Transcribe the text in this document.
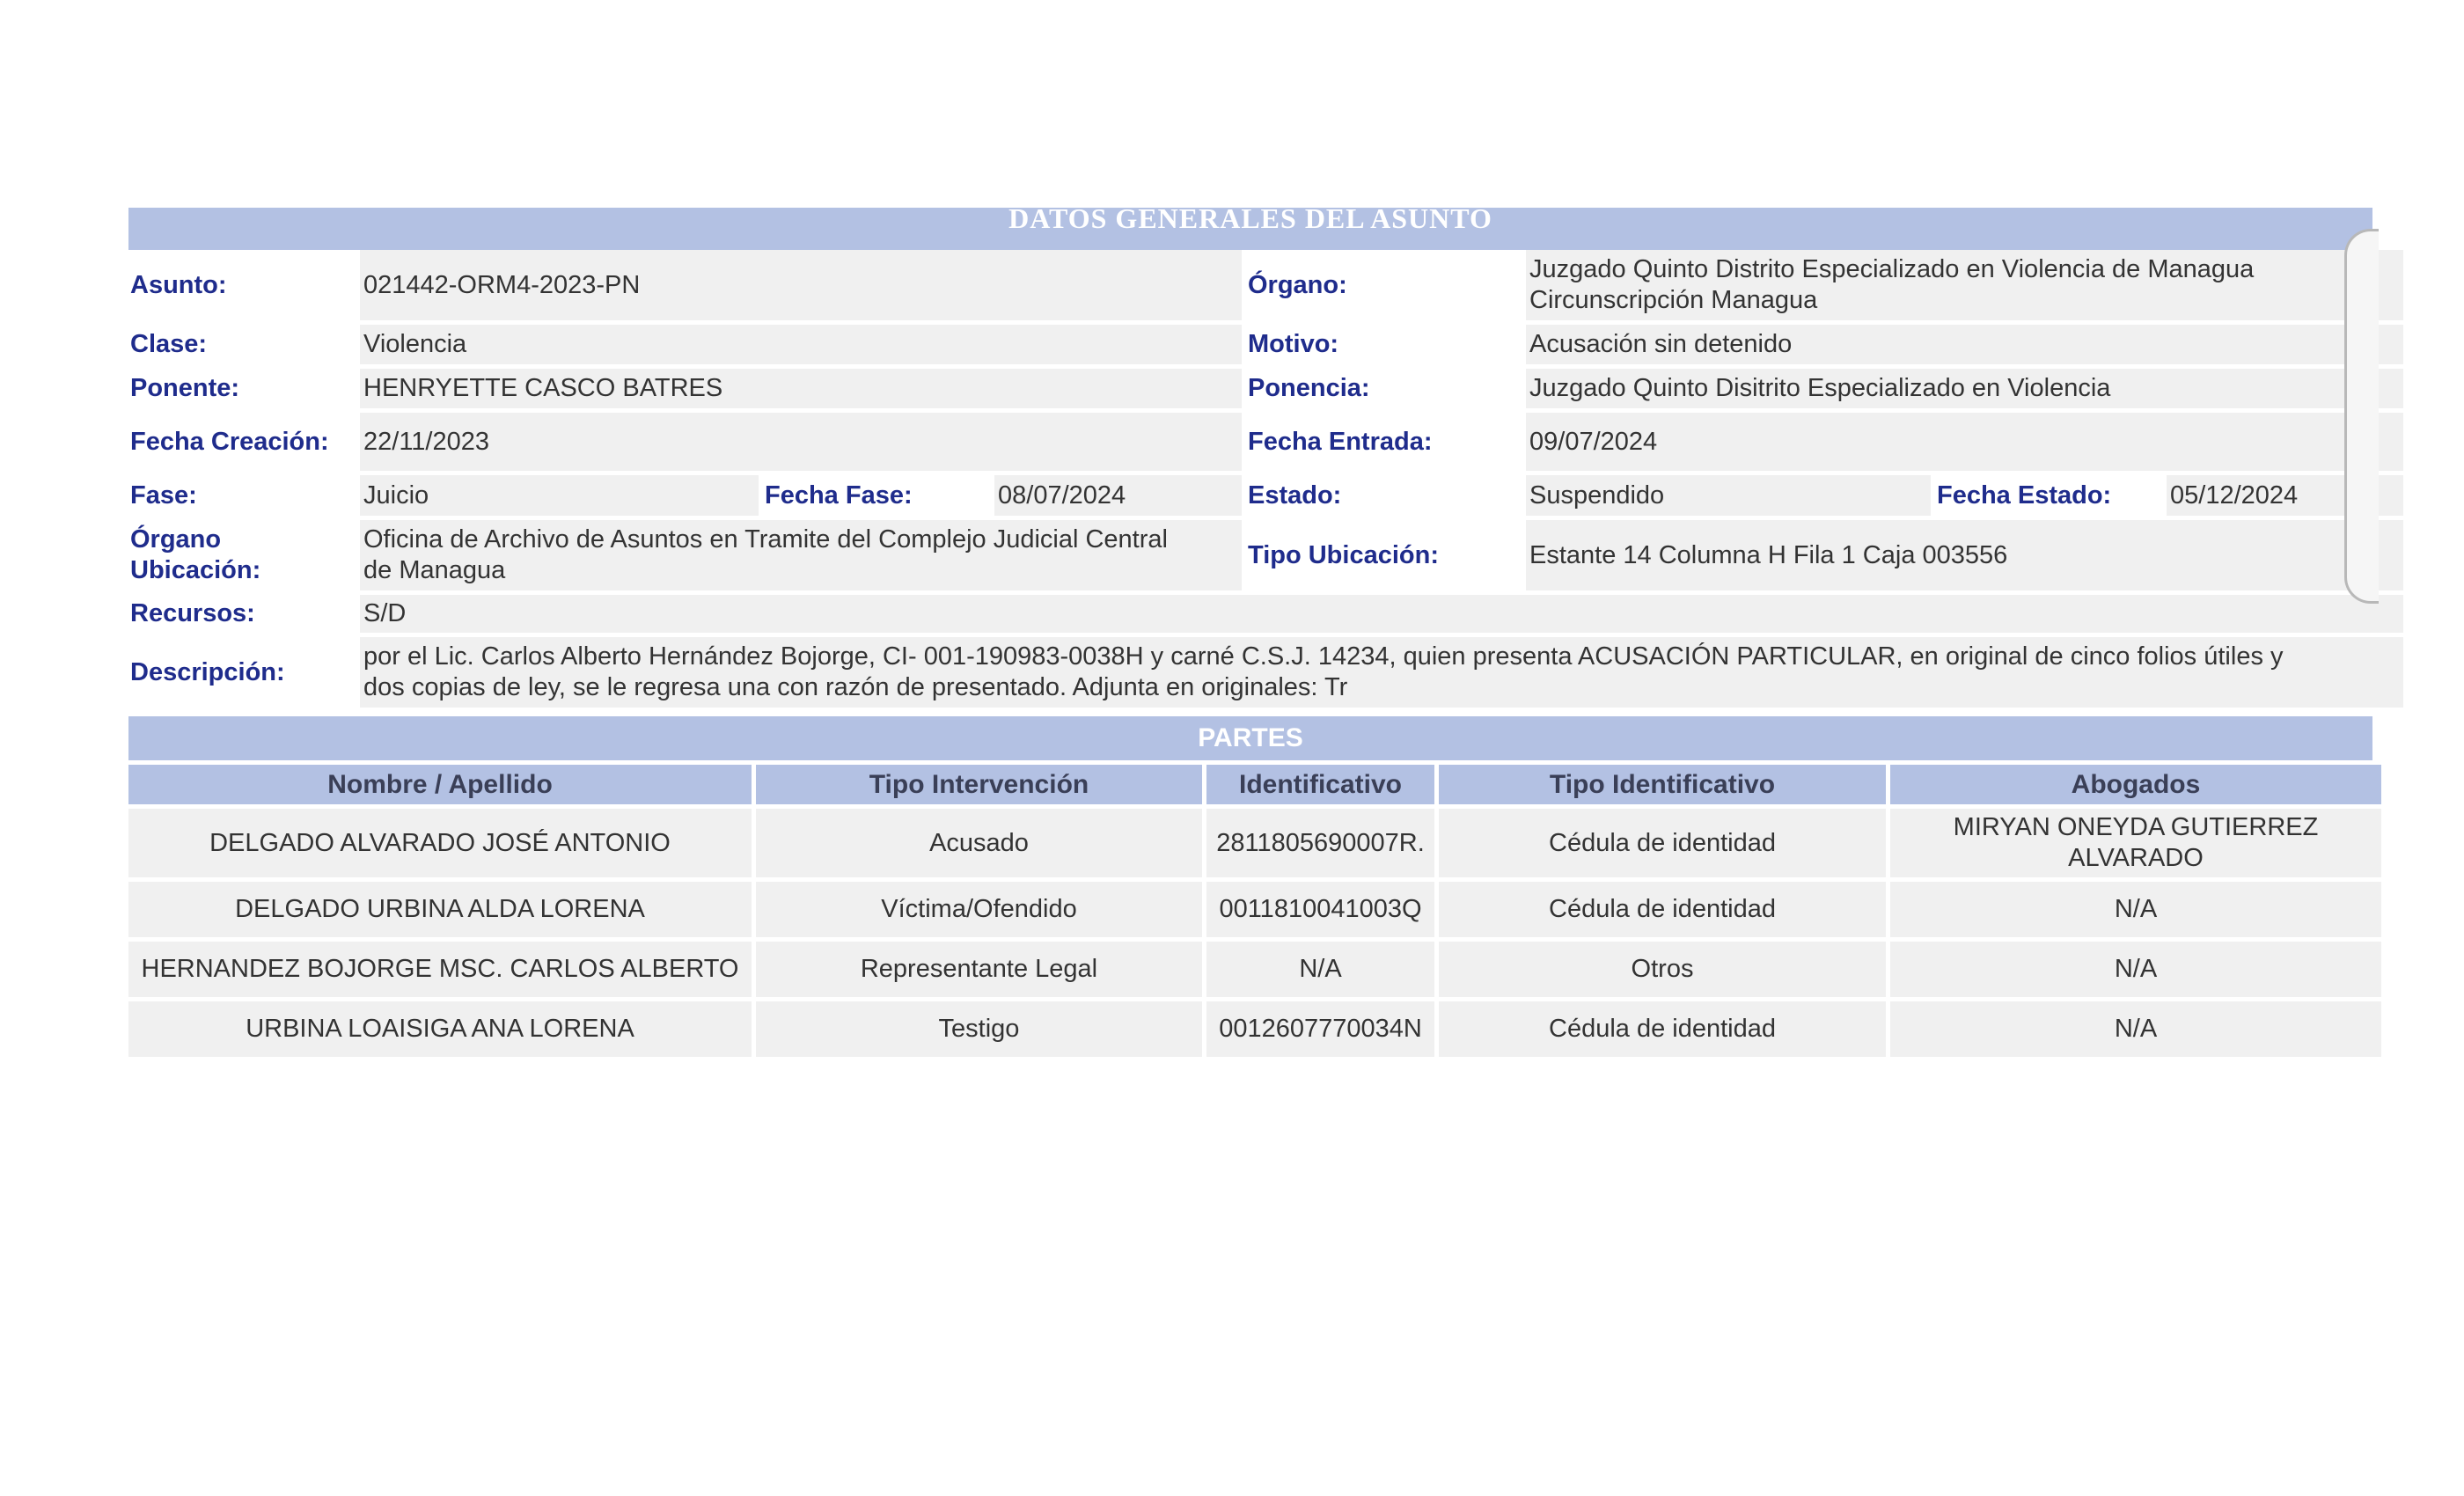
DATOS GENERALES DEL ASUNTO
Asunto:	021442-ORM4-2023-PN			Órgano:	Juzgado Quinto Distrito Especializado en Violencia de Managua
Circunscripción Managua		
Clase:	Violencia			Motivo:	Acusación sin detenido		
Ponente:	HENRYETTE CASCO BATRES			Ponencia:	Juzgado Quinto Disitrito Especializado en Violencia		
Fecha Creación:	22/11/2023			Fecha Entrada:	09/07/2024		
Fase:	Juicio	Fecha Fase:	08/07/2024	Estado:	Suspendido	Fecha Estado:	05/12/2024
Órgano
Ubicación:	Oficina de Archivo de Asuntos en Tramite del Complejo Judicial Central
de Managua			Tipo Ubicación:	Estante 14 Columna H Fila 1 Caja 003556		
Recursos:	S/D						
Descripción:	por el Lic. Carlos Alberto Hernández Bojorge, CI- 001-190983-0038H y carné C.S.J. 14234, quien presenta ACUSACIÓN PARTICULAR, en original de cinco folios útiles y
dos copias de ley, se le regresa una con razón de presentado. Adjunta en originales: Tr						
PARTES
Nombre / Apellido	Tipo Intervención	Identificativo	Tipo Identificativo	Abogados
DELGADO ALVARADO JOSÉ ANTONIO	Acusado	2811805690007R.	Cédula de identidad	MIRYAN ONEYDA GUTIERREZ
ALVARADO
DELGADO URBINA ALDA LORENA	Víctima/Ofendido	0011810041003Q	Cédula de identidad	N/A
HERNANDEZ BOJORGE MSC. CARLOS ALBERTO	Representante Legal	N/A	Otros	N/A
URBINA LOAISIGA ANA LORENA	Testigo	0012607770034N	Cédula de identidad	N/A
